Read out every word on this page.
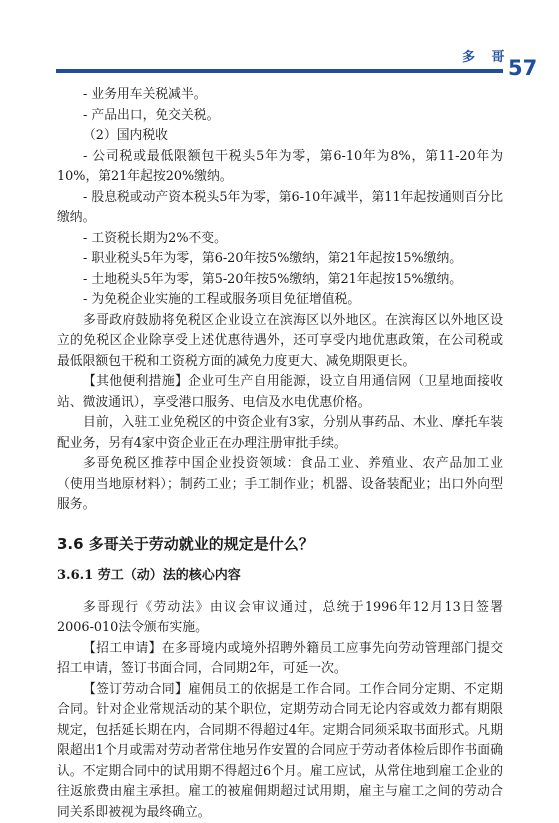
多 哥
57

- 业务用车关税减半。

- 产品出口，免交关税。

（2）国内税收

- 公司税或最低限额包干税头5年为零，第6-10年为8%，第11-20年为10%，第21年起按20%缴纳。

- 股息税或动产资本税头5年为零，第6-10年减半，第11年起按通则百分比缴纳。

- 工资税长期为2%不变。

- 职业税头5年为零，第6-20年按5%缴纳，第21年起按15%缴纳。

- 土地税头5年为零，第5-20年按5%缴纳，第21年起按15%缴纳。

- 为免税企业实施的工程或服务项目免征增值税。

多哥政府鼓励将免税区企业设立在滨海区以外地区。在滨海区以外地区设立的免税区企业除享受上述优惠待遇外，还可享受内地优惠政策，在公司税或最低限额包干税和工资税方面的减免力度更大、减免期限更长。

【其他便利措施】企业可生产自用能源，设立自用通信网（卫星地面接收站、微波通讯），享受港口服务、电信及水电优惠价格。

目前，入驻工业免税区的中资企业有3家，分别从事药品、木业、摩托车装配业务，另有4家中资企业正在办理注册审批手续。

多哥免税区推荐中国企业投资领域：食品工业、养殖业、农产品加工业（使用当地原材料）；制药工业；手工制作业；机器、设备装配业；出口外向型服务。

3.6 多哥关于劳动就业的规定是什么？
3.6.1 劳工（动）法的核心内容

多哥现行《劳动法》由议会审议通过，总统于1996年12月13日签署2006-010法令颁布实施。

【招工申请】在多哥境内或境外招聘外籍员工应事先向劳动管理部门提交招工申请，签订书面合同，合同期2年，可延一次。

【签订劳动合同】雇佣员工的依据是工作合同。工作合同分定期、不定期合同。针对企业常规活动的某个职位，定期劳动合同无论内容或效力都有期限规定，包括延长期在内，合同期不得超过4年。定期合同须采取书面形式。凡期限超出1个月或需对劳动者常住地另作安置的合同应于劳动者体检后即作书面确认。不定期合同中的试用期不得超过6个月。雇工应试，从常住地到雇工企业的往返旅费由雇主承担。雇工的被雇佣期超过试用期，雇主与雇工之间的劳动合同关系即被视为最终确立。
